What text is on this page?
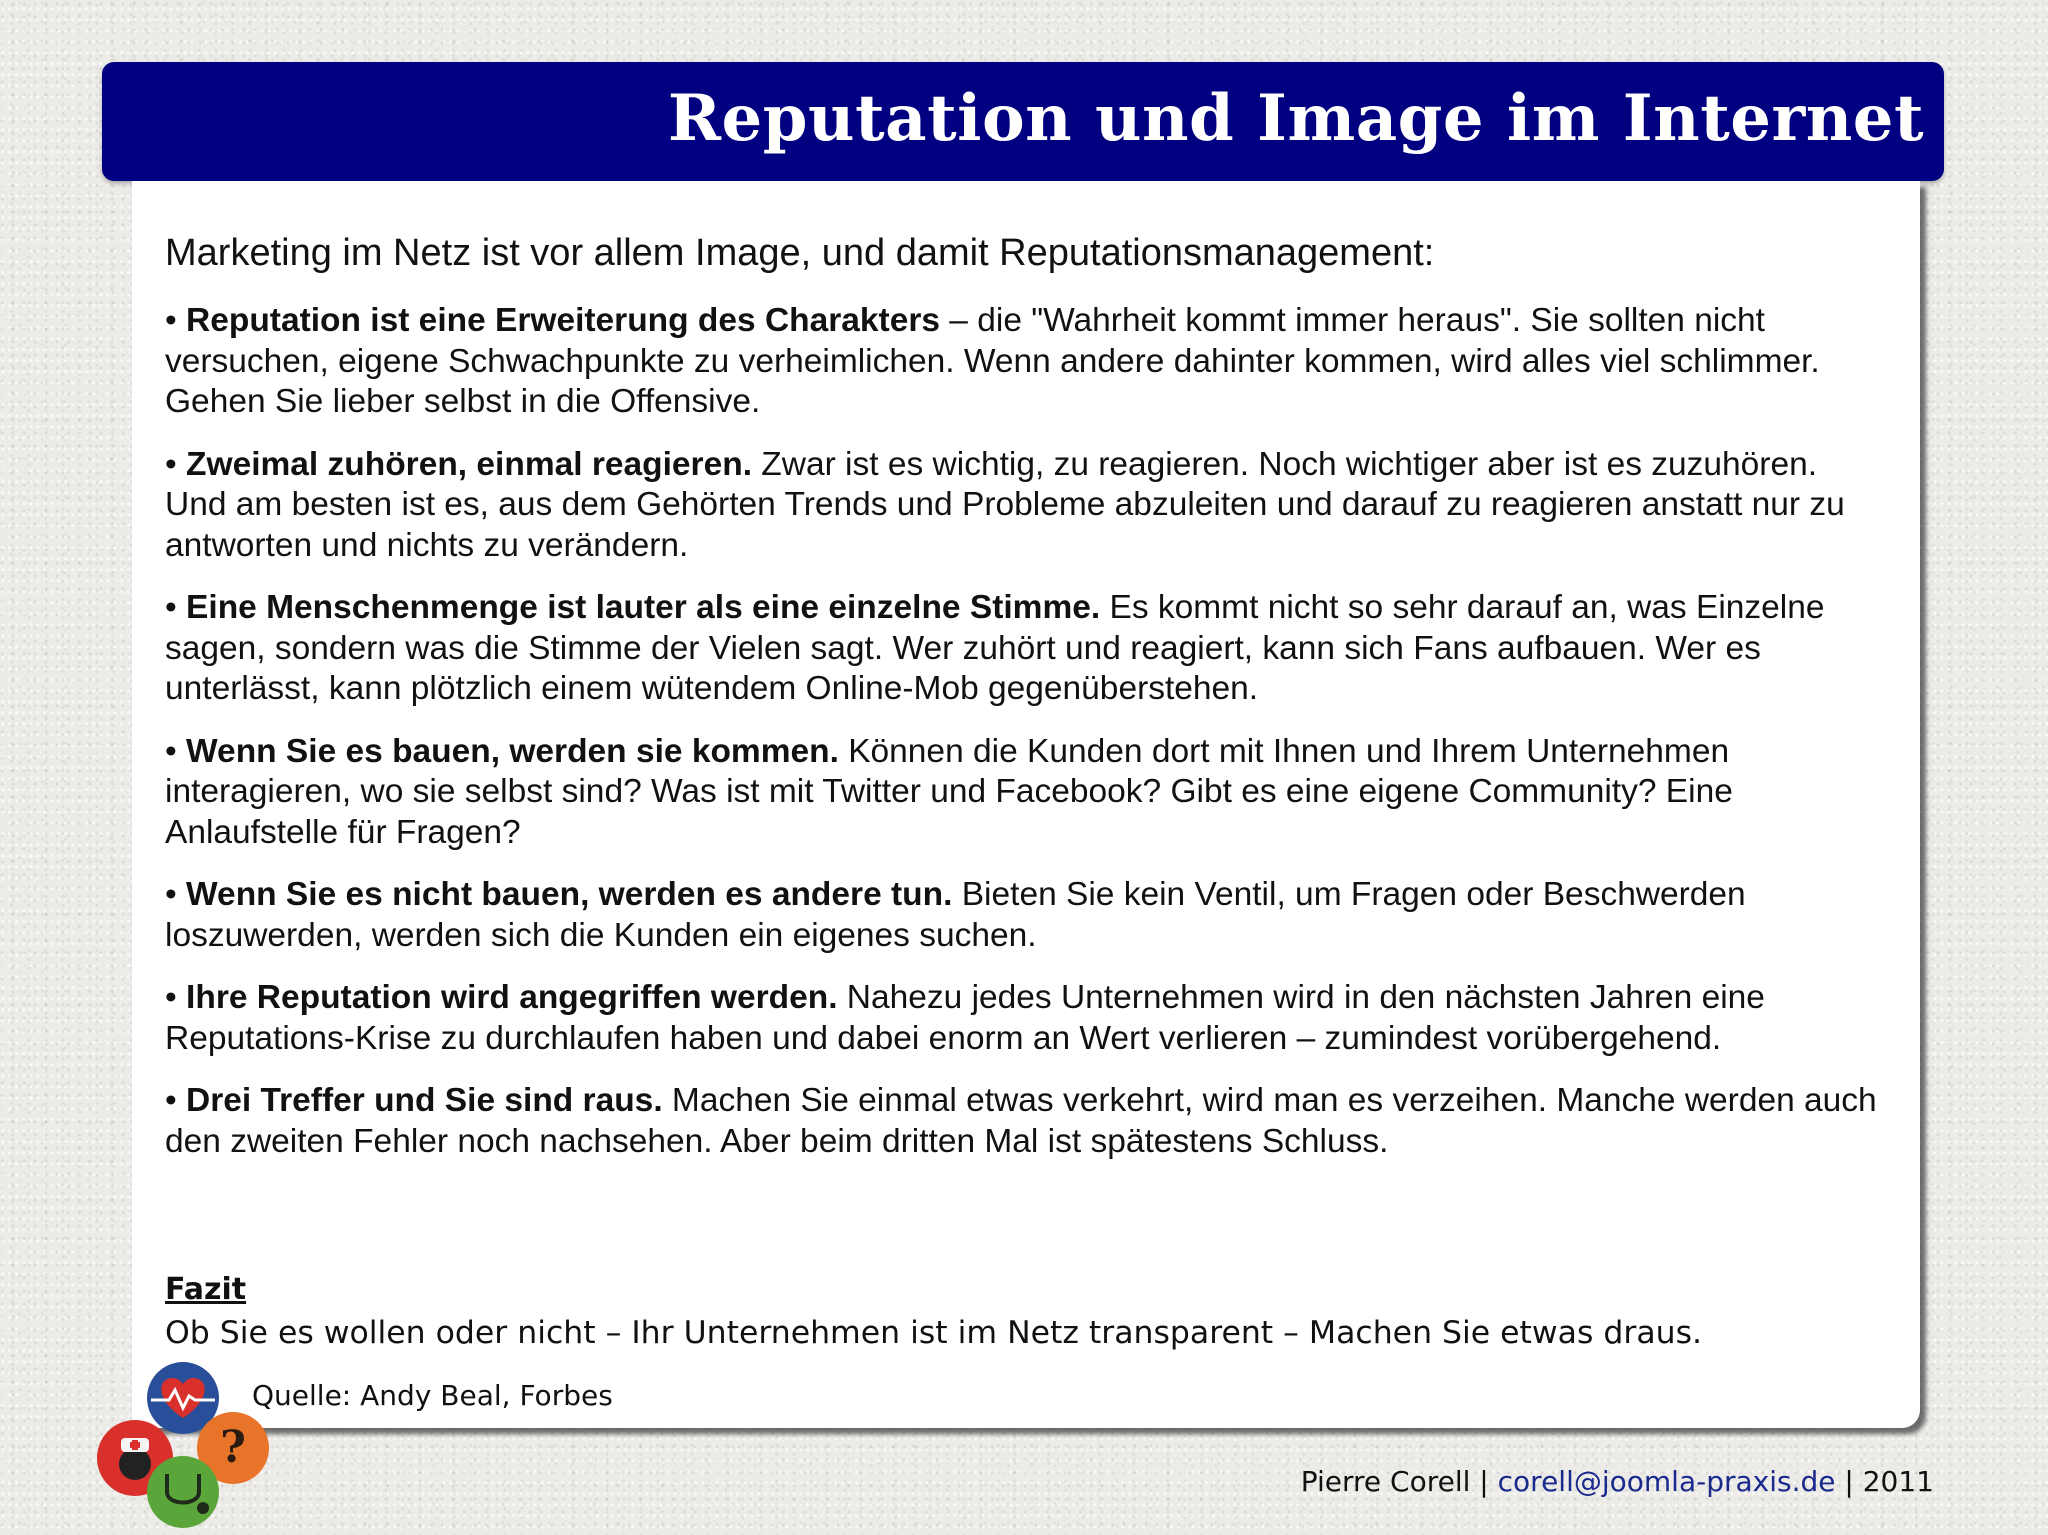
Reputation und Image im Internet

Marketing im Netz ist vor allem Image, und damit Reputationsmanagement:

• Reputation ist eine Erweiterung des Charakters – die "Wahrheit kommt immer heraus". Sie sollten nicht versuchen, eigene Schwachpunkte zu verheimlichen. Wenn andere dahinter kommen, wird alles viel schlimmer. Gehen Sie lieber selbst in die Offensive.

• Zweimal zuhören, einmal reagieren. Zwar ist es wichtig, zu reagieren. Noch wichtiger aber ist es zuzuhören. Und am besten ist es, aus dem Gehörten Trends und Probleme abzuleiten und darauf zu reagieren anstatt nur zu antworten und nichts zu verändern.

• Eine Menschenmenge ist lauter als eine einzelne Stimme. Es kommt nicht so sehr darauf an, was Einzelne sagen, sondern was die Stimme der Vielen sagt. Wer zuhört und reagiert, kann sich Fans aufbauen. Wer es unterlässt, kann plötzlich einem wütendem Online-Mob gegenüberstehen.

• Wenn Sie es bauen, werden sie kommen. Können die Kunden dort mit Ihnen und Ihrem Unternehmen interagieren, wo sie selbst sind? Was ist mit Twitter und Facebook? Gibt es eine eigene Community? Eine Anlaufstelle für Fragen?

• Wenn Sie es nicht bauen, werden es andere tun. Bieten Sie kein Ventil, um Fragen oder Beschwerden loszuwerden, werden sich die Kunden ein eigenes suchen.

• Ihre Reputation wird angegriffen werden. Nahezu jedes Unternehmen wird in den nächsten Jahren eine Reputations-Krise zu durchlaufen haben und dabei enorm an Wert verlieren – zumindest vorübergehend.

• Drei Treffer und Sie sind raus. Machen Sie einmal etwas verkehrt, wird man es verzeihen. Manche werden auch den zweiten Fehler noch nachsehen. Aber beim dritten Mal ist spätestens Schluss.

Fazit
Ob Sie es wollen oder nicht – Ihr Unternehmen ist im Netz transparent – Machen Sie etwas draus.
Quelle: Andy Beal, Forbes
?
Pierre Corell | corell@joomla-praxis.de | 2011
